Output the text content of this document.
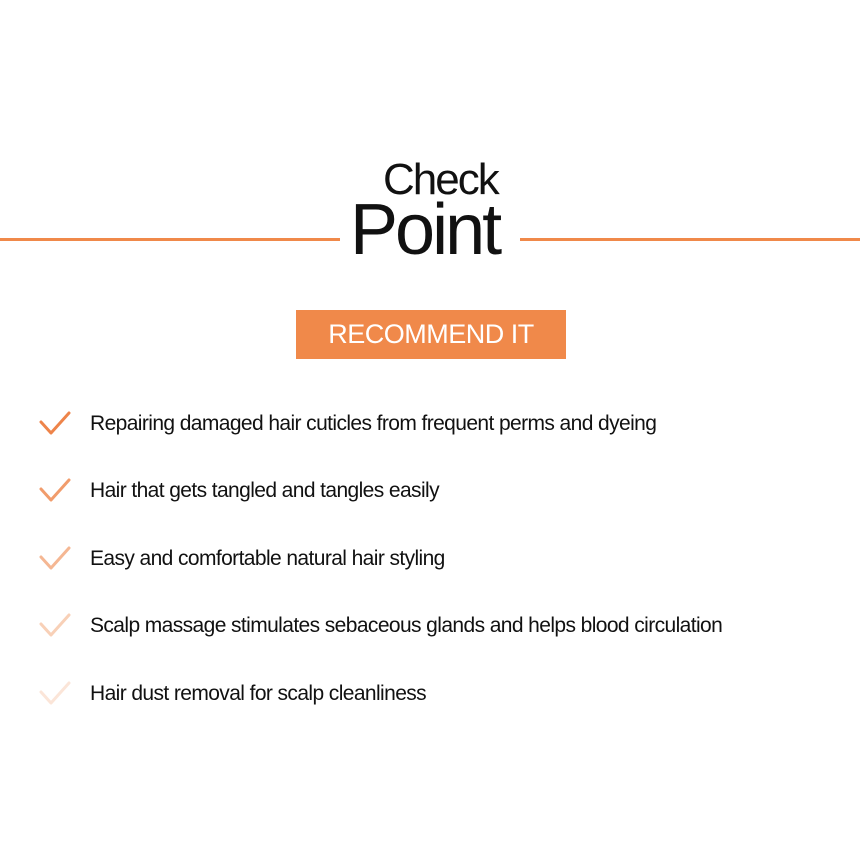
Check
Point
RECOMMEND IT
Repairing damaged hair cuticles from frequent perms and dyeing
Hair that gets tangled and tangles easily
Easy and comfortable natural hair styling
Scalp massage stimulates sebaceous glands and helps blood circulation
Hair dust removal for scalp cleanliness
